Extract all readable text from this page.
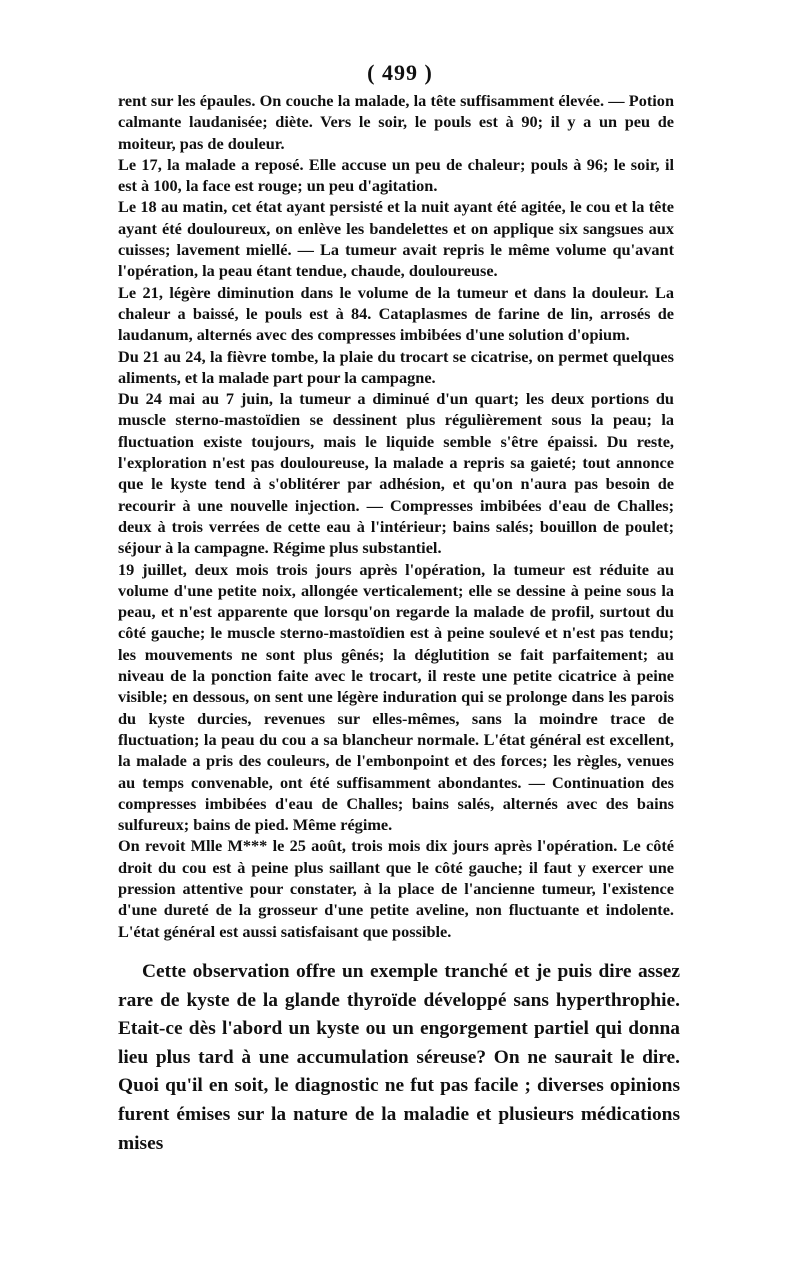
( 499 )

rent sur les épaules. On couche la malade, la tête suffisamment élevée. — Potion calmante laudanisée; diète. Vers le soir, le pouls est à 90; il y a un peu de moiteur, pas de douleur.

Le 17, la malade a reposé. Elle accuse un peu de chaleur; pouls à 96; le soir, il est à 100, la face est rouge; un peu d'agitation.

Le 18 au matin, cet état ayant persisté et la nuit ayant été agitée, le cou et la tête ayant été douloureux, on enlève les bandelettes et on applique six sangsues aux cuisses; lavement miellé. — La tumeur avait repris le même volume qu'avant l'opération, la peau étant tendue, chaude, douloureuse.

Le 21, légère diminution dans le volume de la tumeur et dans la douleur. La chaleur a baissé, le pouls est à 84. Cataplasmes de farine de lin, arrosés de laudanum, alternés avec des compresses imbibées d'une solution d'opium.

Du 21 au 24, la fièvre tombe, la plaie du trocart se cicatrise, on permet quelques aliments, et la malade part pour la campagne.

Du 24 mai au 7 juin, la tumeur a diminué d'un quart; les deux portions du muscle sterno-mastoïdien se dessinent plus régulièrement sous la peau; la fluctuation existe toujours, mais le liquide semble s'être épaissi. Du reste, l'exploration n'est pas douloureuse, la malade a repris sa gaieté; tout annonce que le kyste tend à s'oblitérer par adhésion, et qu'on n'aura pas besoin de recourir à une nouvelle injection. — Compresses imbibées d'eau de Challes; deux à trois verrées de cette eau à l'intérieur; bains salés; bouillon de poulet; séjour à la campagne. Régime plus substantiel.

19 juillet, deux mois trois jours après l'opération, la tumeur est réduite au volume d'une petite noix, allongée verticalement; elle se dessine à peine sous la peau, et n'est apparente que lorsqu'on regarde la malade de profil, surtout du côté gauche; le muscle sterno-mastoïdien est à peine soulevé et n'est pas tendu; les mouvements ne sont plus gênés; la déglutition se fait parfaitement; au niveau de la ponction faite avec le trocart, il reste une petite cicatrice à peine visible; en dessous, on sent une légère induration qui se prolonge dans les parois du kyste durcies, revenues sur elles-mêmes, sans la moindre trace de fluctuation; la peau du cou a sa blancheur normale. L'état général est excellent, la malade a pris des couleurs, de l'embonpoint et des forces; les règles, venues au temps convenable, ont été suffisamment abondantes. — Continuation des compresses imbibées d'eau de Challes; bains salés, alternés avec des bains sulfureux; bains de pied. Même régime.

On revoit Mlle M*** le 25 août, trois mois dix jours après l'opération. Le côté droit du cou est à peine plus saillant que le côté gauche; il faut y exercer une pression attentive pour constater, à la place de l'ancienne tumeur, l'existence d'une dureté de la grosseur d'une petite aveline, non fluctuante et indolente. L'état général est aussi satisfaisant que possible.

Cette observation offre un exemple tranché et je puis dire assez rare de kyste de la glande thyroïde développé sans hyperthrophie. Etait-ce dès l'abord un kyste ou un engorgement partiel qui donna lieu plus tard à une accumulation séreuse? On ne saurait le dire. Quoi qu'il en soit, le diagnostic ne fut pas facile ; diverses opinions furent émises sur la nature de la maladie et plusieurs médications mises
